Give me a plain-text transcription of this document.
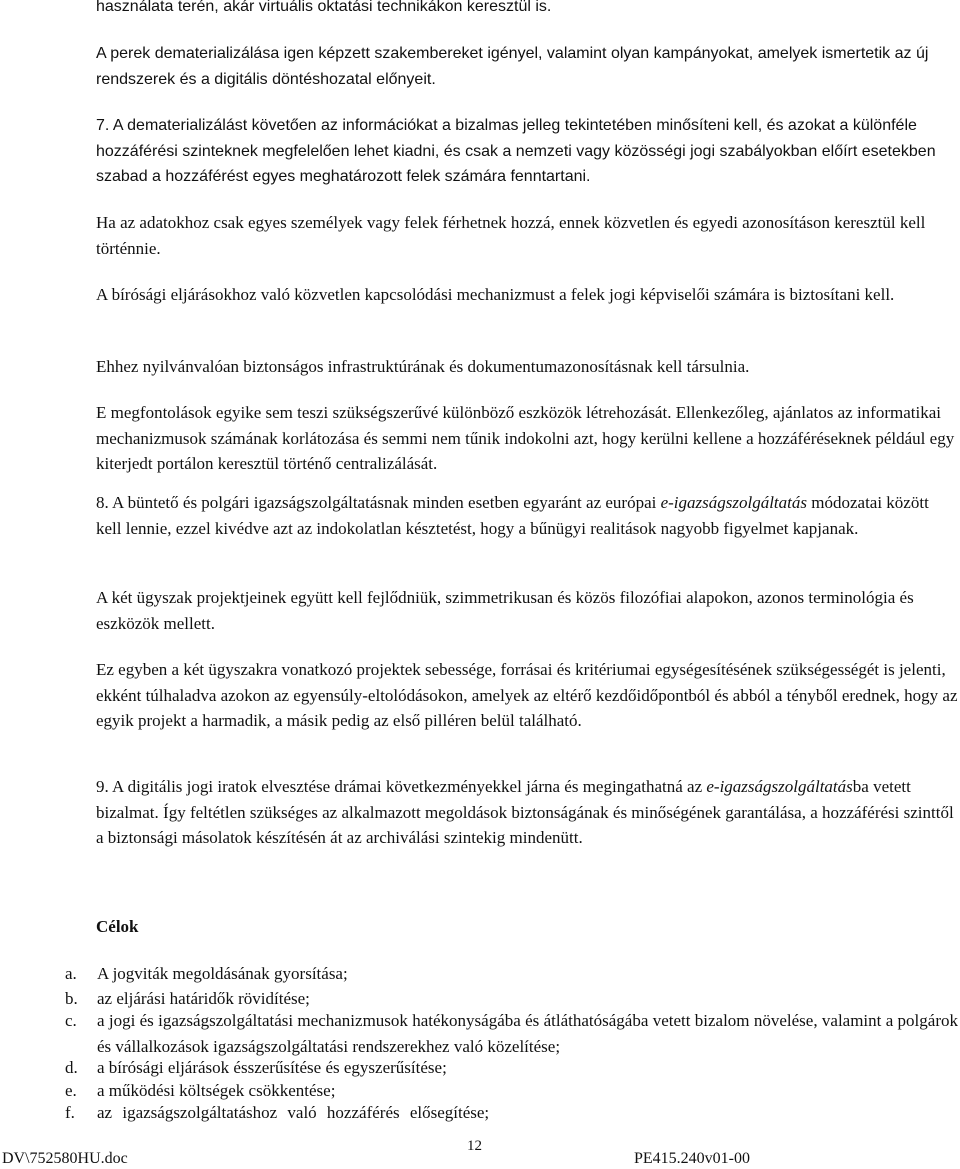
használata terén, akár virtuális oktatási technikákon keresztül is.

A perek dematerializálása igen képzett szakembereket igényel, valamint olyan kampányokat, amelyek ismertetik az új rendszerek és a digitális döntéshozatal előnyeit.

7. A dematerializálást követően az információkat a bizalmas jelleg tekintetében minősíteni kell, és azokat a különféle hozzáférési szinteknek megfelelően lehet kiadni, és csak a nemzeti vagy közösségi jogi szabályokban előírt esetekben szabad a hozzáférést egyes meghatározott felek számára fenntartani.

Ha az adatokhoz csak egyes személyek vagy felek férhetnek hozzá, ennek közvetlen és egyedi azonosításon keresztül kell történnie.

A bírósági eljárásokhoz való közvetlen kapcsolódási mechanizmust a felek jogi képviselői számára is biztosítani kell.

Ehhez nyilvánvalóan biztonságos infrastruktúrának és dokumentumazonosításnak kell társulnia.

E megfontolások egyike sem teszi szükségszerűvé különböző eszközök létrehozását. Ellenkezőleg, ajánlatos az informatikai mechanizmusok számának korlátozása és semmi nem tűnik indokolni azt, hogy kerülni kellene a hozzáféréseknek például egy kiterjedt portálon keresztül történő centralizálását.

8. A büntető és polgári igazságszolgáltatásnak minden esetben egyaránt az európai e-igazságszolgáltatás módozatai között kell lennie, ezzel kivédve azt az indokolatlan késztetést, hogy a bűnügyi realitások nagyobb figyelmet kapjanak.

A két ügyszak projektjeinek együtt kell fejlődniük, szimmetrikusan és közös filozófiai alapokon, azonos terminológia és eszközök mellett.

Ez egyben a két ügyszakra vonatkozó projektek sebessége, forrásai és kritériumai egységesítésének szükségességét is jelenti, ekként túlhaladva azokon az egyensúly-eltolódásokon, amelyek az eltérő kezdőidőpontból és abból a tényből erednek, hogy az egyik projekt a harmadik, a másik pedig az első pilléren belül található.

9. A digitális jogi iratok elvesztése drámai következményekkel járna és megingathatná az e-igazságszolgáltatásba vetett bizalmat. Így feltétlen szükséges az alkalmazott megoldások biztonságának és minőségének garantálása, a hozzáférési szinttől a biztonsági másolatok készítésén át az archiválási szintekig mindenütt.

Célok

a.	A jogviták megoldásának gyorsítása;
b.	az eljárási határidők rövidítése;
c.	a jogi és igazságszolgáltatási mechanizmusok hatékonyságába és átláthatóságába vetett bizalom növelése, valamint a polgárok és vállalkozások igazságszolgáltatási rendszerekhez való közelítése;
d.	a bírósági eljárások ésszerűsítése és egyszerűsítése;
e.	a működési költségek csökkentése;
f.	az igazságszolgáltatáshoz való hozzáférés elősegítése;
DV\752580HU.doc
12
PE415.240v01-00
